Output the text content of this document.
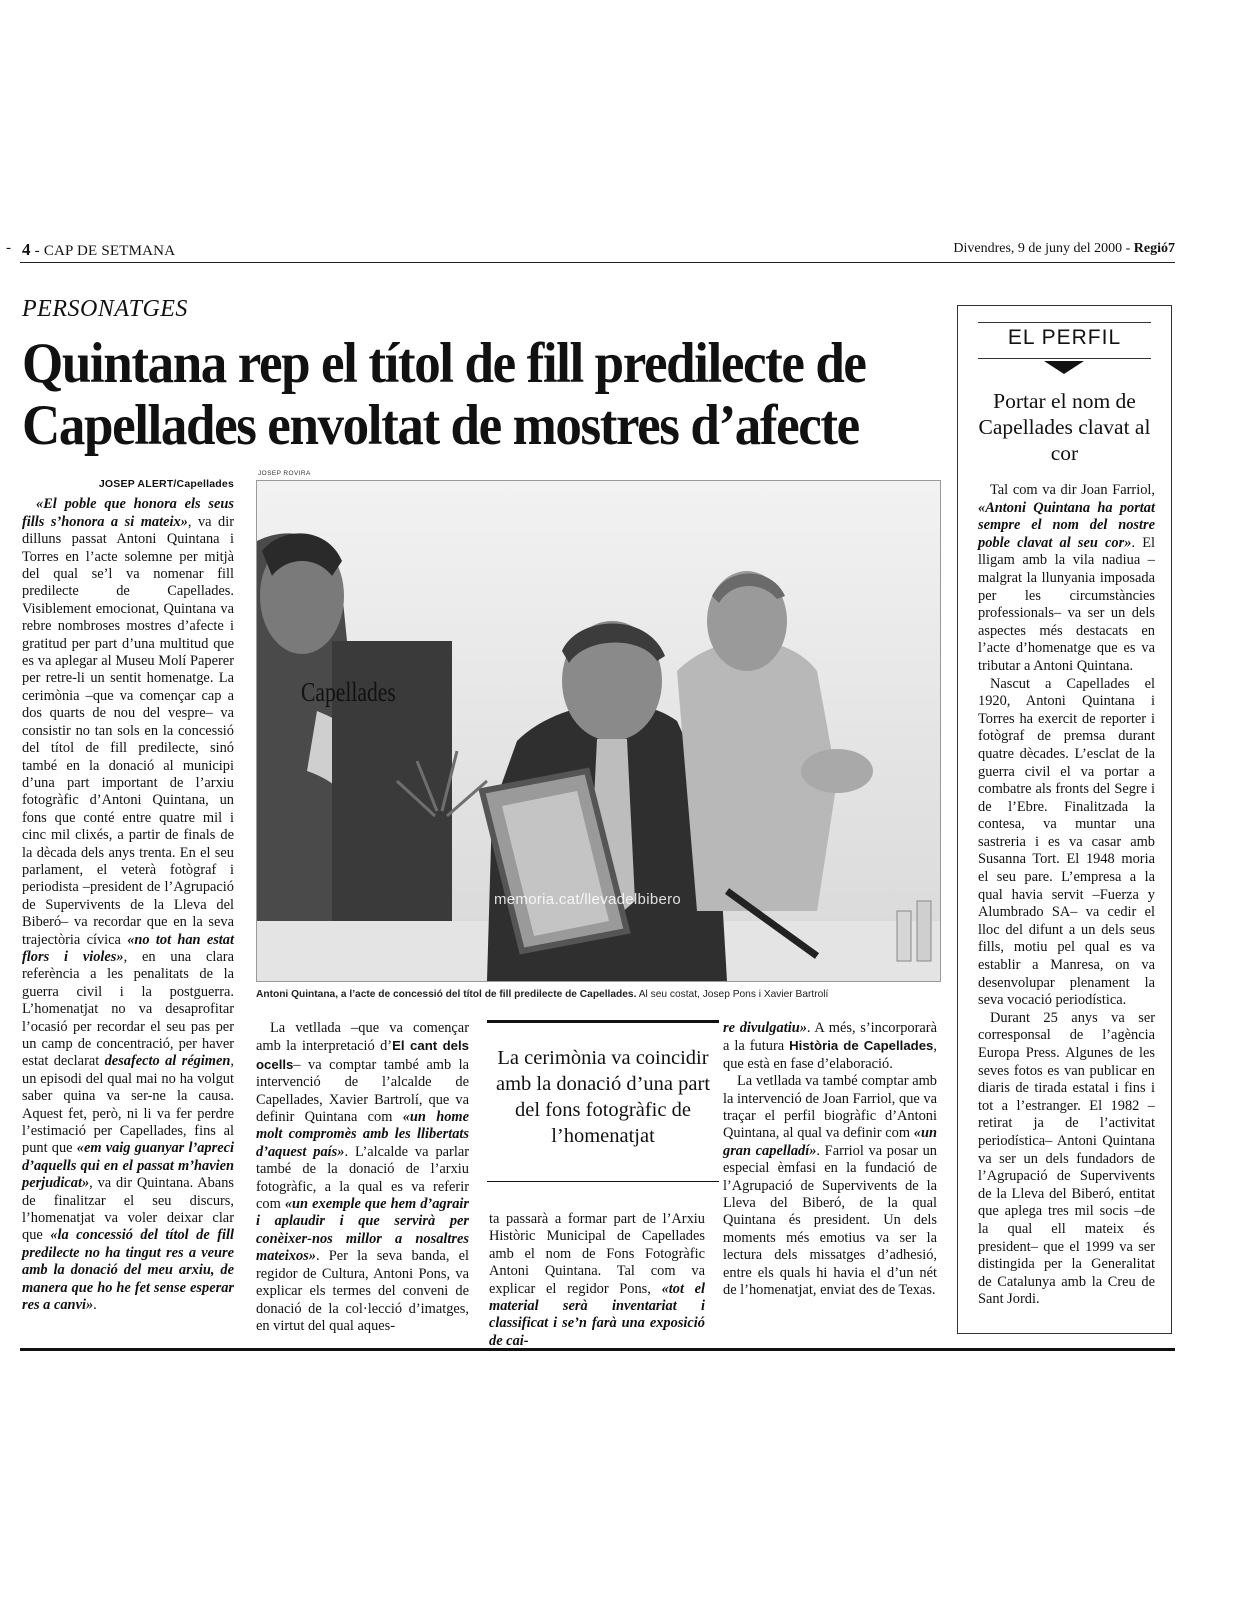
- 4 - CAP DE SETMANA	Divendres, 9 de juny del 2000 - Regió7
PERSONATGES
Quintana rep el títol de fill predilecte de Capellades envoltat de mostres d’afecte
JOSEP ALERT/Capellades

«El poble que honora els seus fills s’honora a si mateix», va dir dilluns passat Antoni Quintana i Torres en l’acte solemne per mitjà del qual se’l va nomenar fill predilecte de Capellades. Visiblement emocionat, Quintana va rebre nombroses mostres d’afecte i gratitud per part d’una multitud que es va aplegar al Museu Molí Paperer per retre-li un sentit homenatge. La cerimònia –que va començar cap a dos quarts de nou del vespre– va consistir no tan sols en la concessió del títol de fill predilecte, sinó també en la donació al municipi d’una part important de l’arxiu fotogràfic d’Antoni Quintana, un fons que conté entre quatre mil i cinc mil clixés, a partir de finals de la dècada dels anys trenta. En el seu parlament, el veterà fotògraf i periodista –president de l’Agrupació de Supervivents de la Lleva del Biberó– va recordar que en la seva trajectòria cívica «no tot han estat flors i violes», en una clara referència a les penalitats de la guerra civil i la postguerra. L’homenatjat no va desaprofitar l’ocasió per recordar el seu pas per un camp de concentració, per haver estat declarat desafecto al régimen, un episodi del qual mai no ha volgut saber quina va ser-ne la causa. Aquest fet, però, ni li va fer perdre l’estimació per Capellades, fins al punt que «em vaig guanyar l’apreci d’aquells qui en el passat m’havien perjudicat», va dir Quintana. Abans de finalitzar el seu discurs, l’homenatjat va voler deixar clar que «la concessió del títol de fill predilecte no ha tingut res a veure amb la donació del meu arxiu, de manera que ho he fet sense esperar res a canvi».

JOSEP ROVIRA
Capellades
memoria.cat/llevadelbibero
Antoni Quintana, a l’acte de concessió del títol de fill predilecte de Capellades. Al seu costat, Josep Pons i Xavier Bartrolí

La vetllada –que va començar amb la interpretació d’El cant dels ocells– va comptar també amb la intervenció de l’alcalde de Capellades, Xavier Bartrolí, que va definir Quintana com «un home molt compromès amb les llibertats d’aquest país». L’alcalde va parlar també de la donació de l’arxiu fotogràfic, a la qual es va referir com «un exemple que hem d’agrair i aplaudir i que servirà per conèixer-nos millor a nosaltres mateixos». Per la seva banda, el regidor de Cultura, Antoni Pons, va explicar els termes del conveni de donació de la col·lecció d’imatges, en virtut del qual aques-

La cerimònia va coincidir amb la donació d’una part del fons fotogràfic de l’homenatjat

ta passarà a formar part de l’Arxiu Històric Municipal de Capellades amb el nom de Fons Fotogràfic Antoni Quintana. Tal com va explicar el regidor Pons, «tot el material serà inventariat i classificat i se’n farà una exposició de cai-

re divulgatiu». A més, s’incorporarà a la futura Història de Capellades, que està en fase d’elaboració.

La vetllada va també comptar amb la intervenció de Joan Farriol, que va traçar el perfil biogràfic d’Antoni Quintana, al qual va definir com «un gran capelladí». Farriol va posar un especial èmfasi en la fundació de l’Agrupació de Supervivents de la Lleva del Biberó, de la qual Quintana és president. Un dels moments més emotius va ser la lectura dels missatges d’adhesió, entre els quals hi havia el d’un nét de l’homenatjat, enviat des de Texas.

EL PERFIL
Portar el nom de Capellades clavat al cor

Tal com va dir Joan Farriol, «Antoni Quintana ha portat sempre el nom del nostre poble clavat al seu cor». El lligam amb la vila nadiua –malgrat la llunyania imposada per les circumstàncies professionals– va ser un dels aspectes més destacats en l’acte d’homenatge que es va tributar a Antoni Quintana.

Nascut a Capellades el 1920, Antoni Quintana i Torres ha exercit de reporter i fotògraf de premsa durant quatre dècades. L’esclat de la guerra civil el va portar a combatre als fronts del Segre i de l’Ebre. Finalitzada la contesa, va muntar una sastreria i es va casar amb Susanna Tort. El 1948 moria el seu pare. L’empresa a la qual havia servit –Fuerza y Alumbrado SA– va cedir el lloc del difunt a un dels seus fills, motiu pel qual es va establir a Manresa, on va desenvolupar plenament la seva vocació periodística.

Durant 25 anys va ser corresponsal de l’agència Europa Press. Algunes de les seves fotos es van publicar en diaris de tirada estatal i fins i tot a l’estranger. El 1982 –retirat ja de l’activitat periodística– Antoni Quintana va ser un dels fundadors de l’Agrupació de Supervivents de la Lleva del Biberó, entitat que aplega tres mil socis –de la qual ell mateix és president– que el 1999 va ser distingida per la Generalitat de Catalunya amb la Creu de Sant Jordi.
